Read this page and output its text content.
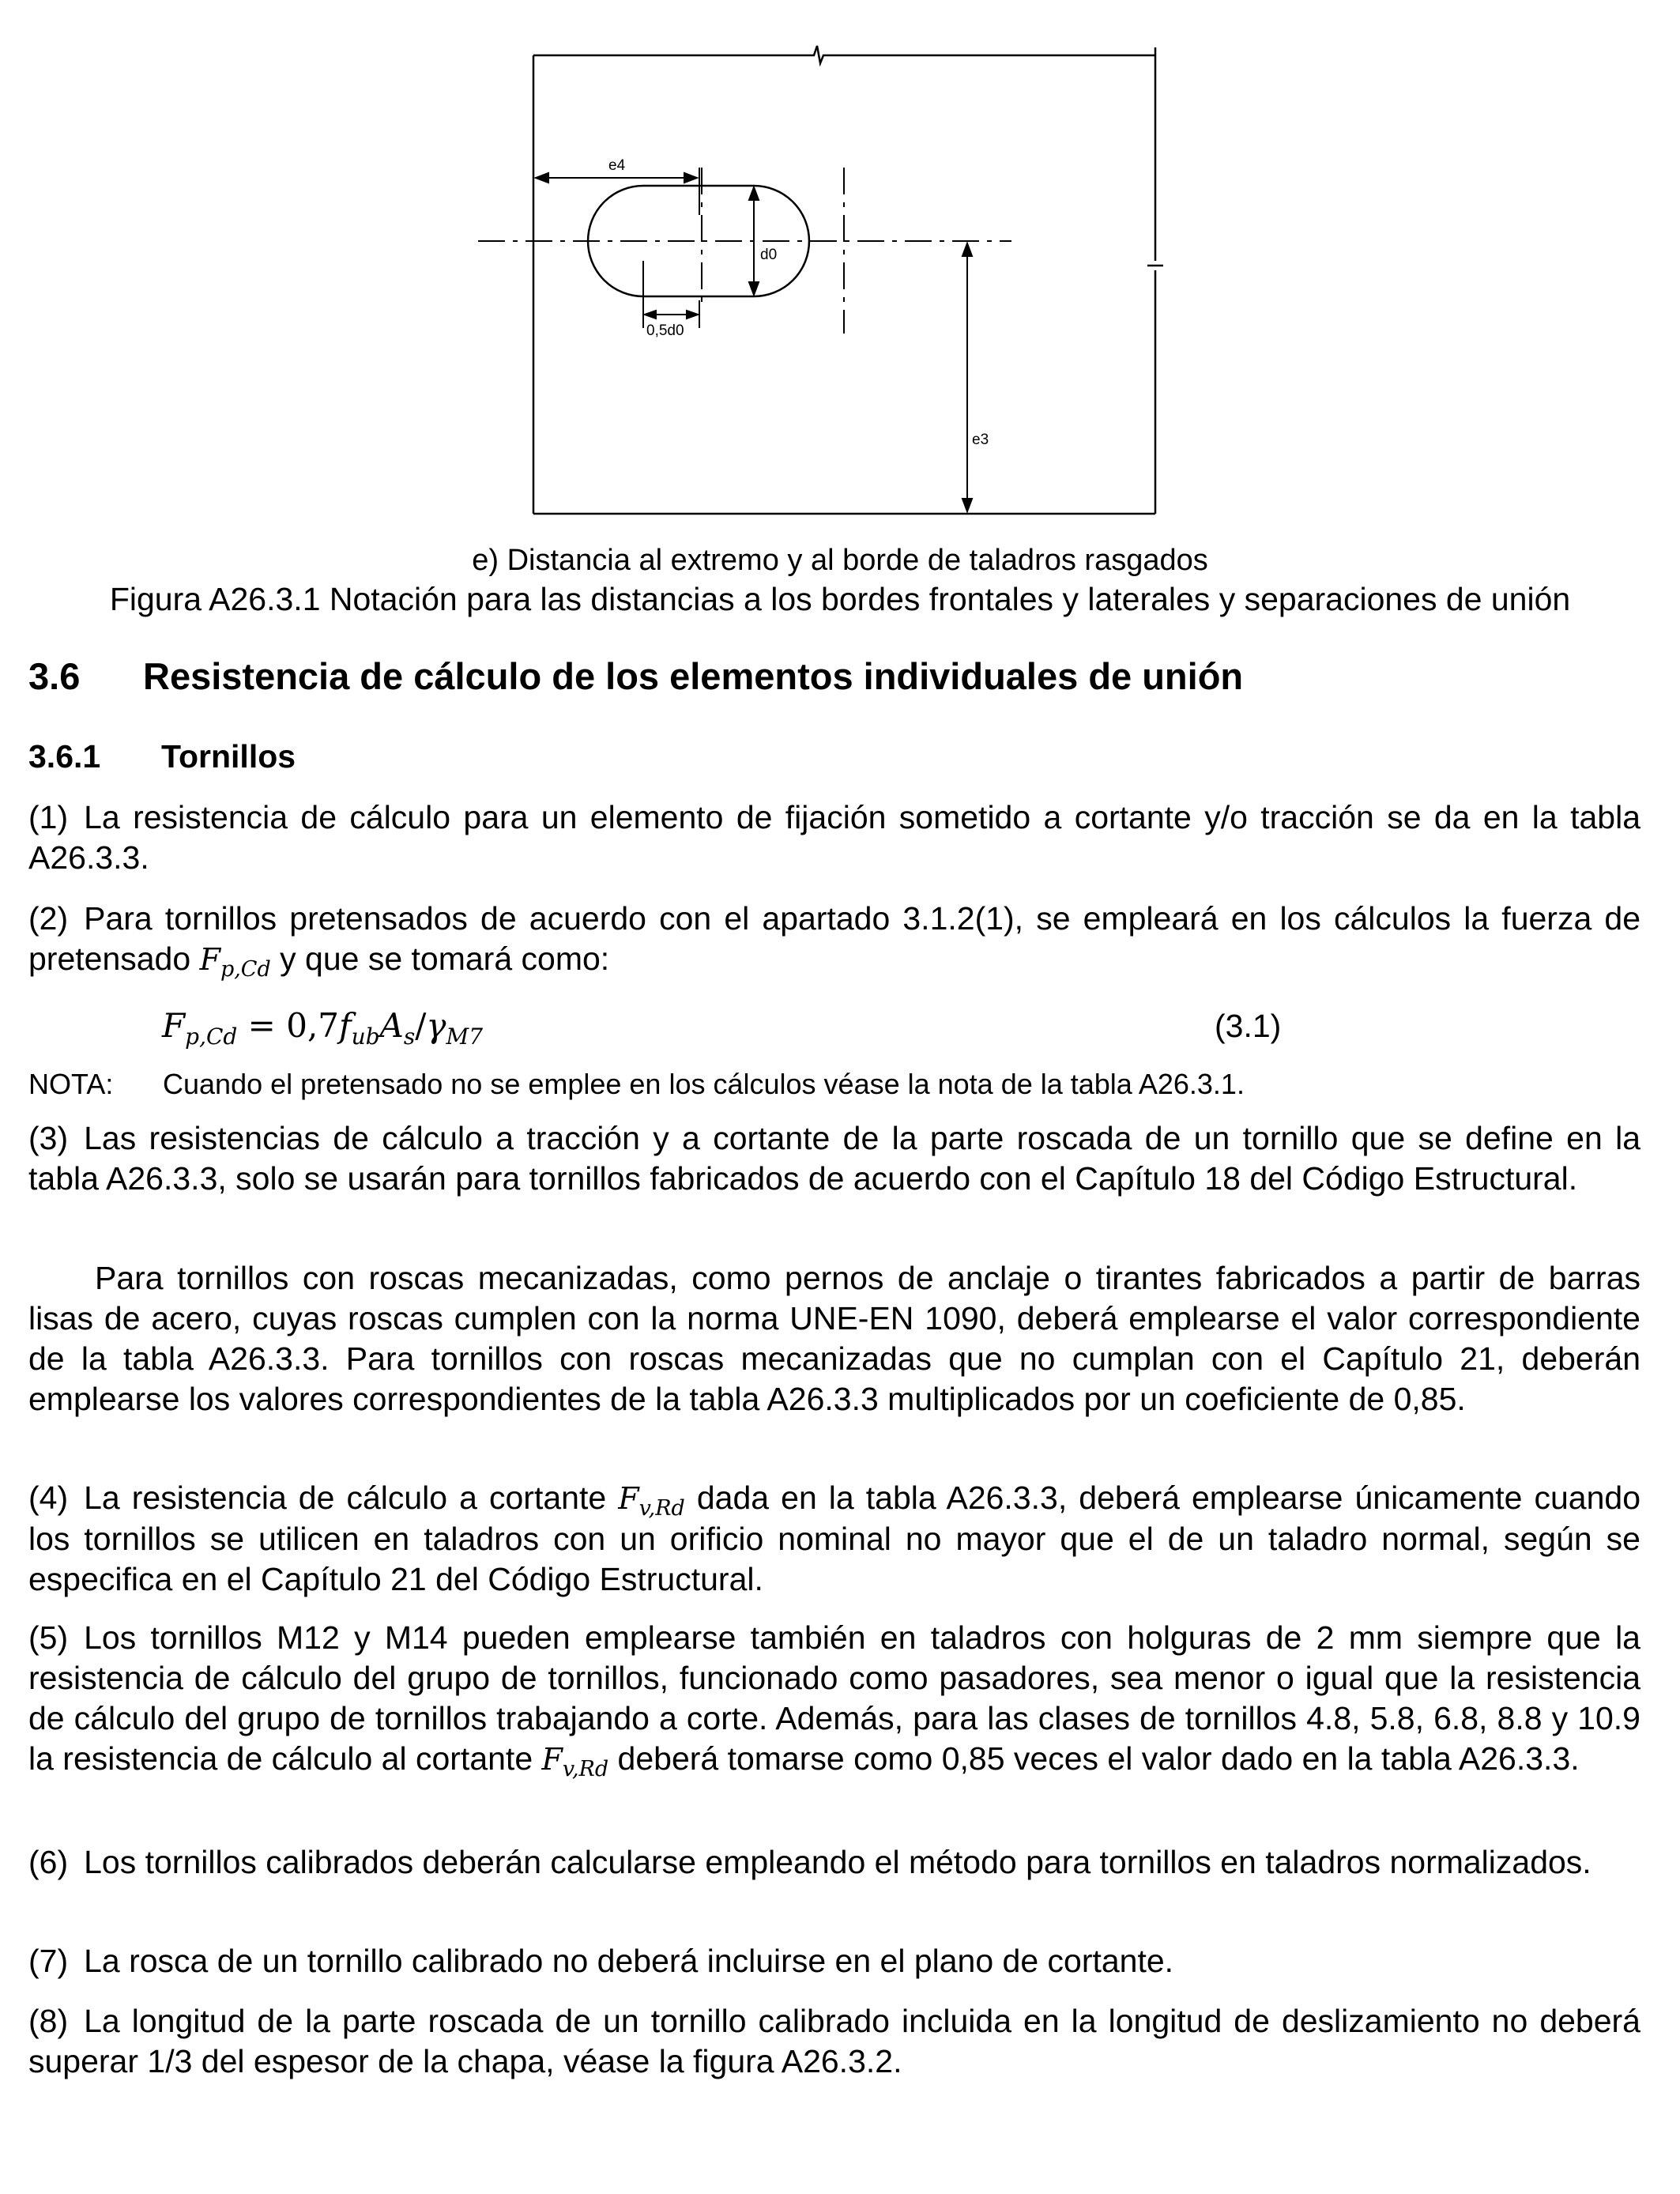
e4
d0
e3
0,5d0
e) Distancia al extremo y al borde de taladros rasgados
Figura A26.3.1 Notación para las distancias a los bordes frontales y laterales y separaciones de unión
3.6 Resistencia de cálculo de los elementos individuales de unión
3.6.1 Tornillos
(1) La resistencia de cálculo para un elemento de fijación sometido a cortante y/o tracción se da en la tabla A26.3.3.
(2) Para tornillos pretensados de acuerdo con el apartado 3.1.2(1), se empleará en los cálculos la fuerza de pretensado $F_{p,Cd}$ y que se tomará como:
$F_{p,Cd} = 0,7f_{ub}A_s/\gamma_{M7}$	(3.1)
NOTA: Cuando el pretensado no se emplee en los cálculos véase la nota de la tabla A26.3.1.
(3) Las resistencias de cálculo a tracción y a cortante de la parte roscada de un tornillo que se define en la tabla A26.3.3, solo se usarán para tornillos fabricados de acuerdo con el Capítulo 18 del Código Estructural.
Para tornillos con roscas mecanizadas, como pernos de anclaje o tirantes fabricados a partir de barras lisas de acero, cuyas roscas cumplen con la norma UNE-EN 1090, deberá emplearse el valor correspondiente de la tabla A26.3.3. Para tornillos con roscas mecanizadas que no cumplan con el Capítulo 21, deberán emplearse los valores correspondientes de la tabla A26.3.3 multiplicados por un coeficiente de 0,85.
(4) La resistencia de cálculo a cortante $F_{v,Rd}$ dada en la tabla A26.3.3, deberá emplearse únicamente cuando los tornillos se utilicen en taladros con un orificio nominal no mayor que el de un taladro normal, según se especifica en el Capítulo 21 del Código Estructural.
(5) Los tornillos M12 y M14 pueden emplearse también en taladros con holguras de 2 mm siempre que la resistencia de cálculo del grupo de tornillos, funcionado como pasadores, sea menor o igual que la resistencia de cálculo del grupo de tornillos trabajando a corte. Además, para las clases de tornillos 4.8, 5.8, 6.8, 8.8 y 10.9 la resistencia de cálculo al cortante $F_{v,Rd}$ deberá tomarse como 0,85 veces el valor dado en la tabla A26.3.3.
(6) Los tornillos calibrados deberán calcularse empleando el método para tornillos en taladros normalizados.
(7) La rosca de un tornillo calibrado no deberá incluirse en el plano de cortante.
(8) La longitud de la parte roscada de un tornillo calibrado incluida en la longitud de deslizamiento no deberá superar 1/3 del espesor de la chapa, véase la figura A26.3.2.
